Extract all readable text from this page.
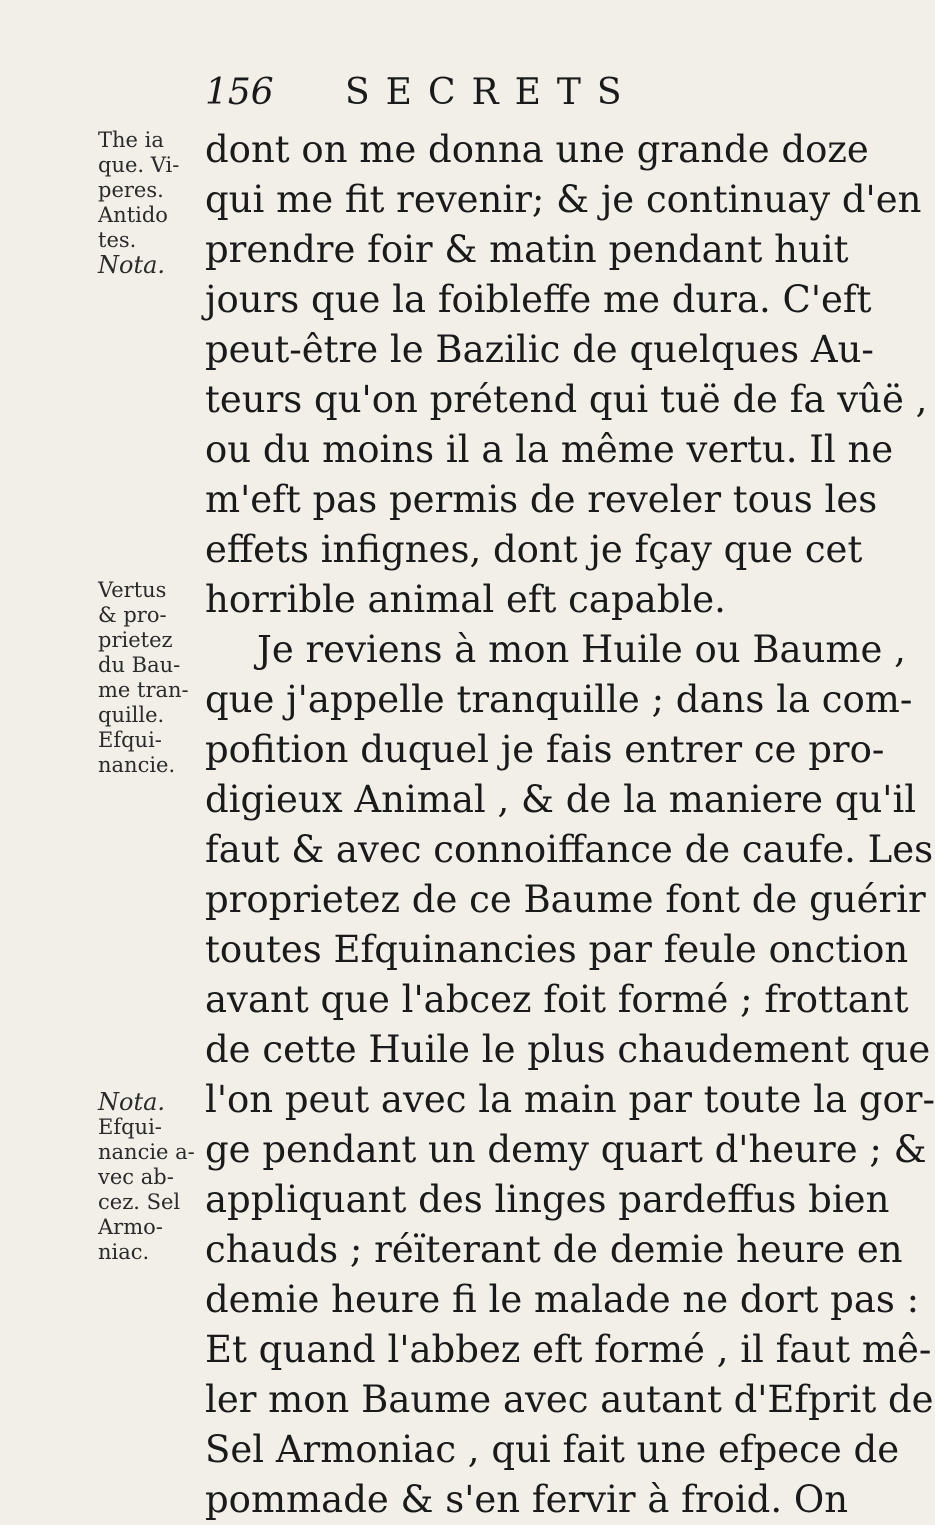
156 SECRETS
The ia
que. Vi-
peres.
Antido
tes.
Nota.
Vertus
& pro-
prietez
du Bau-
me tran-
quille.
Efqui-
nancie.
Nota.
Efqui-
nancie a-
vec ab-
cez. Sel
Armo-
niac.
dont on me donna une grande doze
qui me fit revenir; & je continuay d'en
prendre foir & matin pendant huit
jours que la foibleffe me dura. C'eft
peut-être le Bazilic de quelques Au-
teurs qu'on prétend qui tuë de fa vûë ,
ou du moins il a la même vertu. Il ne
m'eft pas permis de reveler tous les
effets infignes, dont je fçay que cet
horrible animal eft capable.
Je reviens à mon Huile ou Baume ,
que j'appelle tranquille ; dans la com-
pofition duquel je fais entrer ce pro-
digieux Animal , & de la maniere qu'il
faut & avec connoiffance de caufe. Les
proprietez de ce Baume font de guérir
toutes Efquinancies par feule onction
avant que l'abcez foit formé ; frottant
de cette Huile le plus chaudement que
l'on peut avec la main par toute la gor-
ge pendant un demy quart d'heure ; &
appliquant des linges pardeffus bien
chauds ; réïterant de demie heure en
demie heure fi le malade ne dort pas :
Et quand l'abbez eft formé , il faut mê-
ler mon Baume avec autant d'Efprit de
Sel Armoniac , qui fait une efpece de
pommade & s'en fervir à froid. On
